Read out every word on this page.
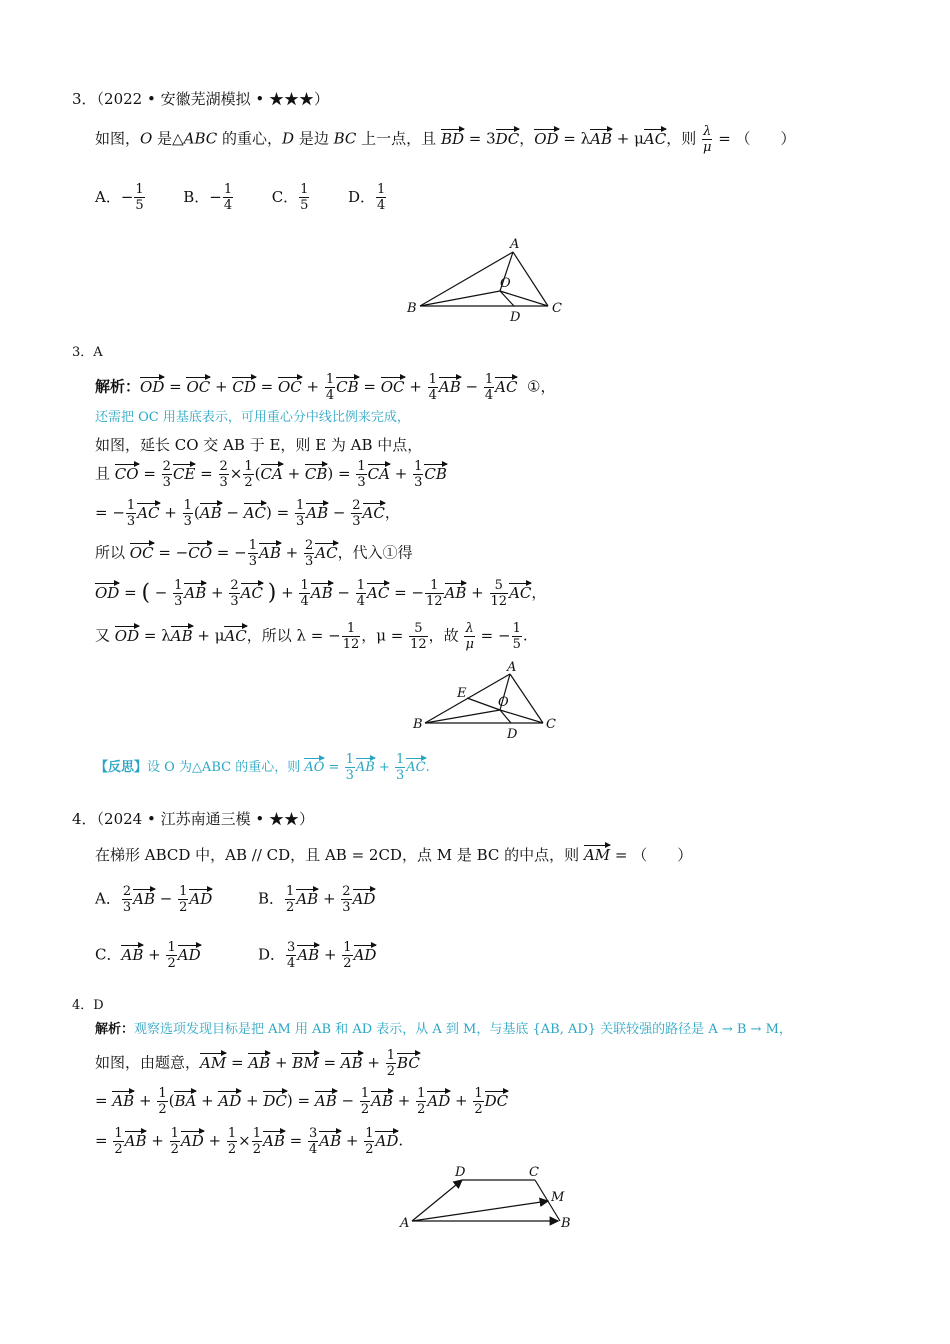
3．（2022 • 安徽芜湖模拟 • ★★★）
如图，O 是△ABC 的重心，D 是边 BC 上一点，且 BD = 3DC，OD = λAB + μAC，则 $\frac{\lambda}{\mu}$ = （　　）
A．− $\frac{1}{5}$	B．− $\frac{1}{4}$	C． $\frac{1}{5}$	D． $\frac{1}{4}$
A
B	C
D
O
3．A
解析：OD = OC + CD = OC + $\frac{1}{4}$ CB = OC + $\frac{1}{4}$ AB − $\frac{1}{4}$ AC ①，
还需把 OC 用基底表示，可用重心分中线比例来完成，
如图，延长 CO 交 AB 于 E，则 E 为 AB 中点，
且 CO = $\frac{2}{3}$ CE = $\frac{2}{3} \times \frac{1}{2} (CA + CB) = \frac{1}{3}$ CA + $\frac{1}{3}$ CB
= − $\frac{1}{3}$ AC + $\frac{1}{3} (AB - AC) = \frac{1}{3}$ AB − $\frac{2}{3}$ AC，
所以 OC = −CO = − $\frac{1}{3}$ AB + $\frac{2}{3}$ AC，代入①得
OD = ( − $\frac{1}{3}$ AB + $\frac{2}{3}$ AC ) + $\frac{1}{4}$ AB − $\frac{1}{4}$ AC = − $\frac{1}{12}$ AB + $\frac{5}{12}$ AC，
又 OD = λAB + μAC，所以 λ = − $\frac{1}{12}$ ，$\mu = \frac{5}{12}$ ，故 $\frac{\lambda}{\mu}$ = − $\frac{1}{5}$ .
A
B	C
D
O
E
【反思】设 O 为△ABC 的重心，则 AO = $\frac{1}{3}$ AB + $\frac{1}{3}$ AC.
4．（2024 • 江苏南通三模 • ★★）
在梯形 ABCD 中，AB // CD，且 AB = 2CD，点 M 是 BC 的中点，则 AM = （　　）
A． $\frac{2}{3}$ AB − $\frac{1}{2}$ AD	B． $\frac{1}{2}$ AB + $\frac{2}{3}$ AD
C．AB + $\frac{1}{2}$ AD	D． $\frac{3}{4}$ AB + $\frac{1}{2}$ AD
4．D
解析：观察选项发现目标是把 AM 用 AB 和 AD 表示，从 A 到 M，与基底 {AB, AD} 关联较强的路径是 A → B → M，
如图，由题意，AM = AB + BM = AB + $\frac{1}{2}$ BC
= AB + $\frac{1}{2} (BA$ + AD + DC) = AB − $\frac{1}{2}$ AB + $\frac{1}{2}$ AD + $\frac{1}{2}$ DC
= $\frac{1}{2}$ AB + $\frac{1}{2}$ AD + $\frac{1}{2} \times \frac{1}{2}$ AB = $\frac{3}{4}$ AB + $\frac{1}{2}$ AD.
D	C
M
A	B
